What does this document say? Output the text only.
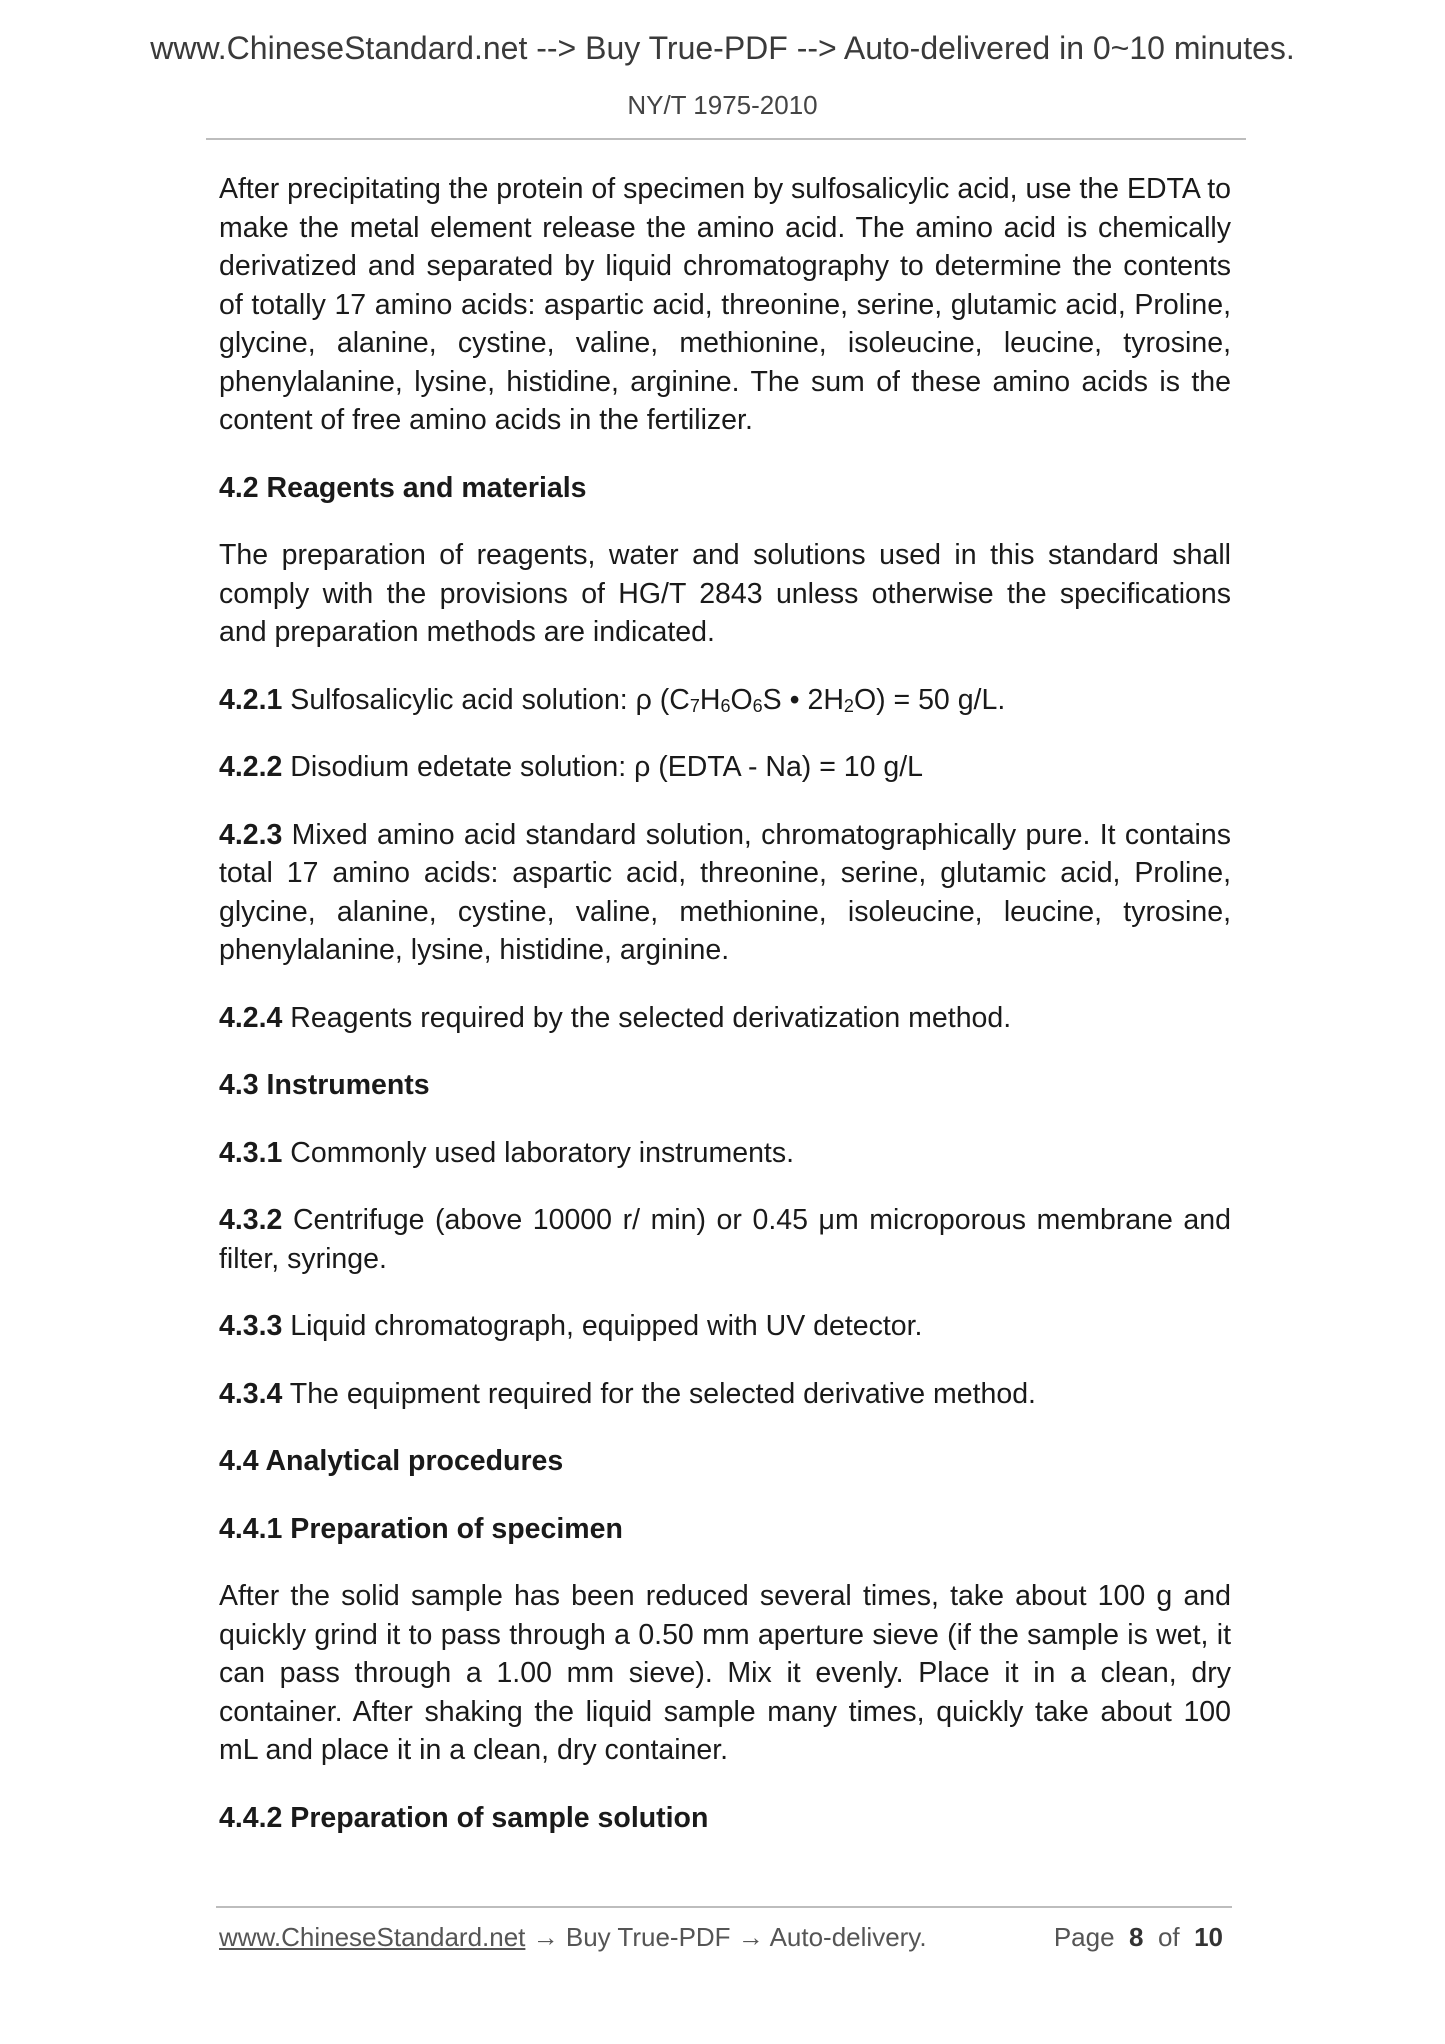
www.ChineseStandard.net --> Buy True-PDF --> Auto-delivered in 0~10 minutes.
NY/T 1975-2010

After precipitating the protein of specimen by sulfosalicylic acid, use the EDTA to make the metal element release the amino acid. The amino acid is chemically derivatized and separated by liquid chromatography to determine the contents of totally 17 amino acids: aspartic acid, threonine, serine, glutamic acid, Proline, glycine, alanine, cystine, valine, methionine, isoleucine, leucine, tyrosine, phenylalanine, lysine, histidine, arginine. The sum of these amino acids is the content of free amino acids in the fertilizer.

4.2 Reagents and materials

The preparation of reagents, water and solutions used in this standard shall comply with the provisions of HG/T 2843 unless otherwise the specifications and preparation methods are indicated.

4.2.1 Sulfosalicylic acid solution: ρ ($C_7H_6O_6S$ • $2H_2O) = 50$ g/L.

4.2.2 Disodium edetate solution: ρ (EDTA - Na) = 10 g/L

4.2.3 Mixed amino acid standard solution, chromatographically pure. It contains total 17 amino acids: aspartic acid, threonine, serine, glutamic acid, Proline, glycine, alanine, cystine, valine, methionine, isoleucine, leucine, tyrosine, phenylalanine, lysine, histidine, arginine.

4.2.4 Reagents required by the selected derivatization method.

4.3 Instruments

4.3.1 Commonly used laboratory instruments.

4.3.2 Centrifuge (above 10000 r/ min) or 0.45 μm microporous membrane and filter, syringe.

4.3.3 Liquid chromatograph, equipped with UV detector.

4.3.4 The equipment required for the selected derivative method.

4.4 Analytical procedures

4.4.1 Preparation of specimen

After the solid sample has been reduced several times, take about 100 g and quickly grind it to pass through a 0.50 mm aperture sieve (if the sample is wet, it can pass through a 1.00 mm sieve). Mix it evenly. Place it in a clean, dry container. After shaking the liquid sample many times, quickly take about 100 mL and place it in a clean, dry container.

4.4.2 Preparation of sample solution

www.ChineseStandard.net → Buy True-PDF → Auto-delivery.	Page 8 of 10
